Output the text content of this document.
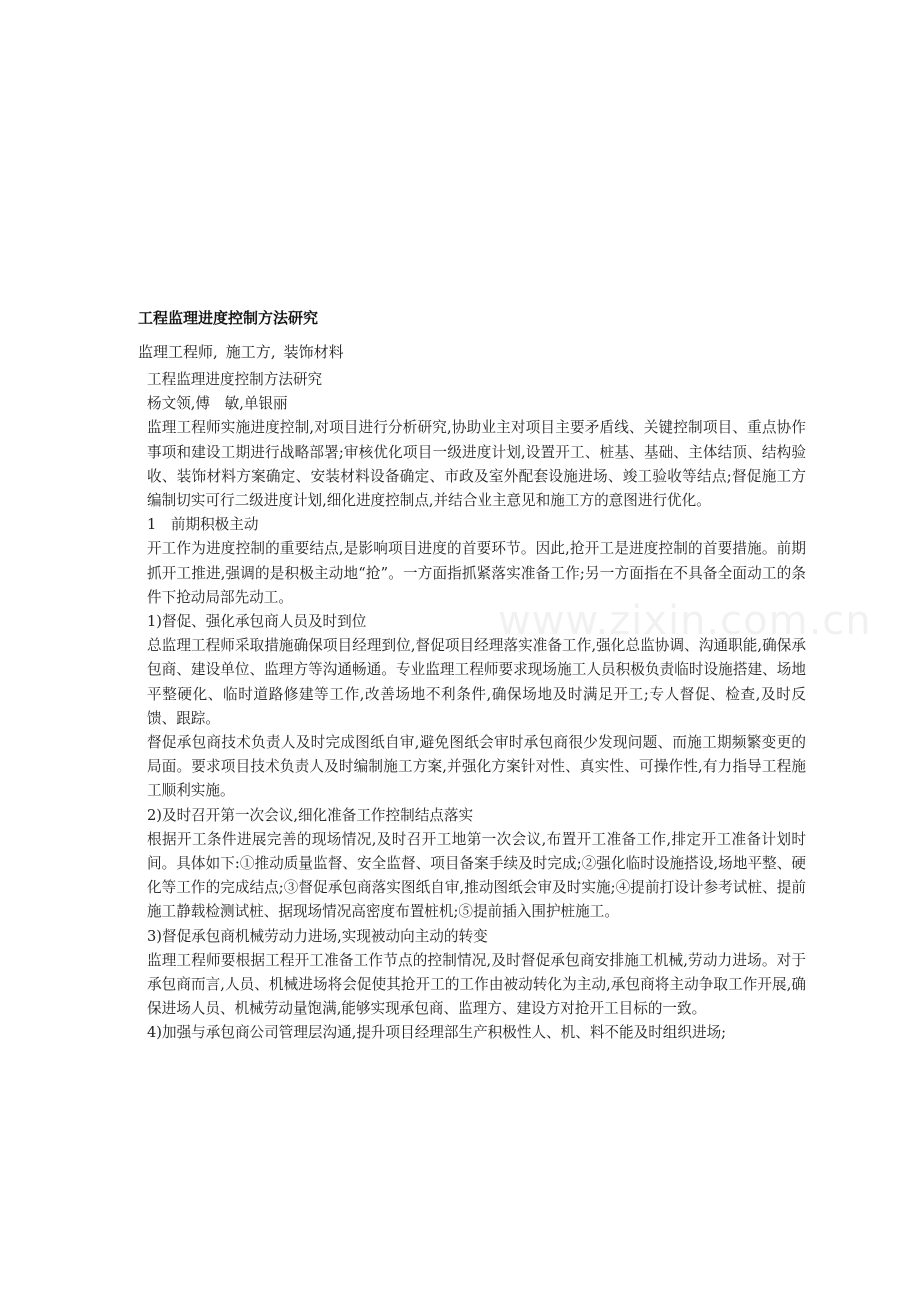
工程监理进度控制方法研究
监理工程师, 施工方, 装饰材料

工程监理进度控制方法研究

杨文领,傅　敏,单银丽

监理工程师实施进度控制,对项目进行分析研究,协助业主对项目主要矛盾线、关键控制项目、重点协作事项和建设工期进行战略部署;审核优化项目一级进度计划,设置开工、桩基、基础、主体结顶、结构验收、装饰材料方案确定、安装材料设备确定、市政及室外配套设施进场、竣工验收等结点;督促施工方编制切实可行二级进度计划,细化进度控制点,并结合业主意见和施工方的意图进行优化。

1　前期积极主动

开工作为进度控制的重要结点,是影响项目进度的首要环节。因此,抢开工是进度控制的首要措施。前期抓开工推进,强调的是积极主动地“抢”。一方面指抓紧落实准备工作;另一方面指在不具备全面动工的条件下抢动局部先动工。

1)督促、强化承包商人员及时到位

总监理工程师采取措施确保项目经理到位,督促项目经理落实准备工作,强化总监协调、沟通职能,确保承包商、建设单位、监理方等沟通畅通。专业监理工程师要求现场施工人员积极负责临时设施搭建、场地平整硬化、临时道路修建等工作,改善场地不利条件,确保场地及时满足开工;专人督促、检查,及时反馈、跟踪。

督促承包商技术负责人及时完成图纸自审,避免图纸会审时承包商很少发现问题、而施工期频繁变更的局面。要求项目技术负责人及时编制施工方案,并强化方案针对性、真实性、可操作性,有力指导工程施工顺利实施。

2)及时召开第一次会议,细化准备工作控制结点落实

根据开工条件进展完善的现场情况,及时召开工地第一次会议,布置开工准备工作,排定开工准备计划时间。具体如下:①推动质量监督、安全监督、项目备案手续及时完成;②强化临时设施搭设,场地平整、硬化等工作的完成结点;③督促承包商落实图纸自审,推动图纸会审及时实施;④提前打设计参考试桩、提前施工静载检测试桩、据现场情况高密度布置桩机;⑤提前插入围护桩施工。

3)督促承包商机械劳动力进场,实现被动向主动的转变

监理工程师要根据工程开工准备工作节点的控制情况,及时督促承包商安排施工机械,劳动力进场。对于承包商而言,人员、机械进场将会促使其抢开工的工作由被动转化为主动,承包商将主动争取工作开展,确保进场人员、机械劳动量饱满,能够实现承包商、监理方、建设方对抢开工目标的一致。

4)加强与承包商公司管理层沟通,提升项目经理部生产积极性人、机、料不能及时组织进场;

www.zixin.com.cn
